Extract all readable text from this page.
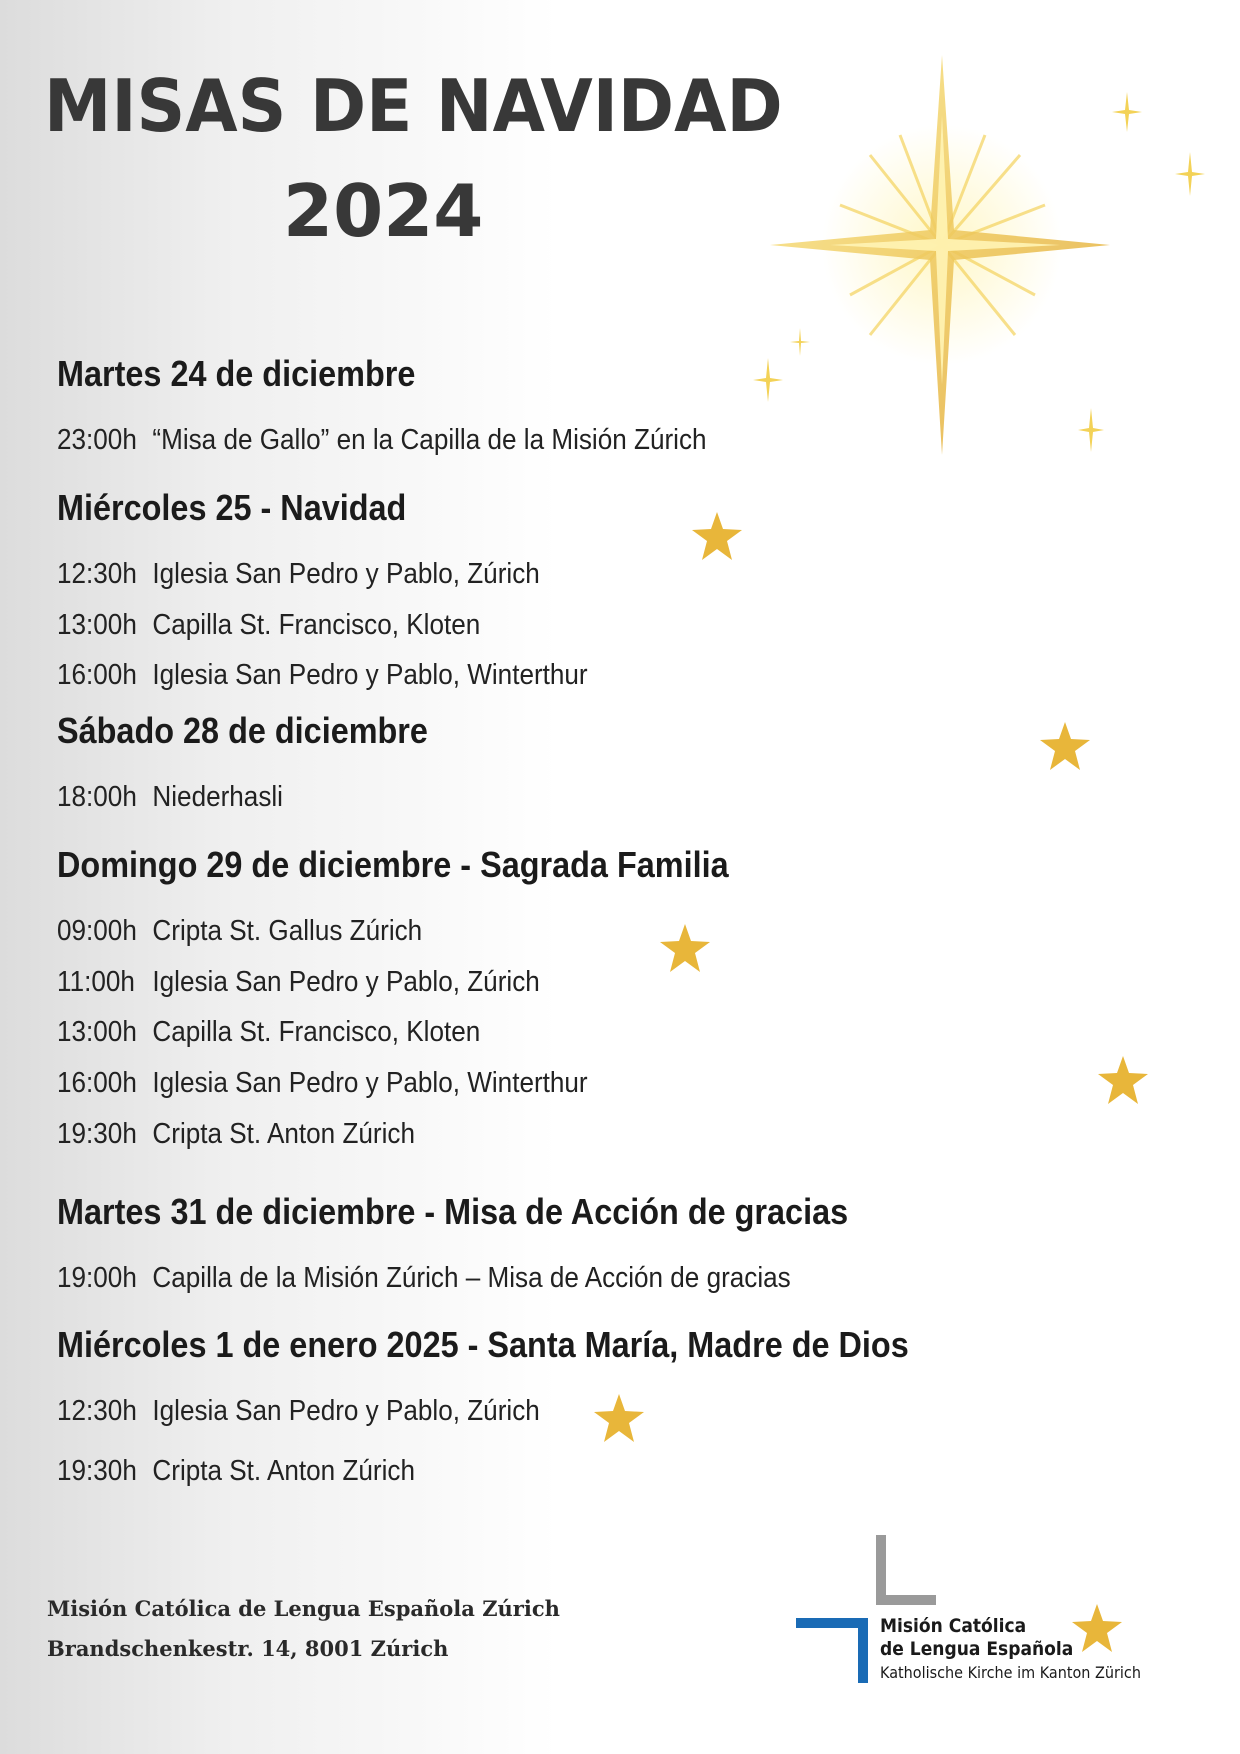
MISAS DE NAVIDAD
2024
Martes 24 de diciembre
23:00h “Misa de Gallo” en la Capilla de la Misión Zúrich
Miércoles 25 - Navidad
12:30h Iglesia San Pedro y Pablo, Zúrich
13:00h Capilla St. Francisco, Kloten
16:00h Iglesia San Pedro y Pablo, Winterthur
Sábado 28 de diciembre
18:00h Niederhasli
Domingo 29 de diciembre - Sagrada Familia
09:00h Cripta St. Gallus Zúrich
11:00h Iglesia San Pedro y Pablo, Zúrich
13:00h Capilla St. Francisco, Kloten
16:00h Iglesia San Pedro y Pablo, Winterthur
19:30h Cripta St. Anton Zúrich
Martes 31 de diciembre - Misa de Acción de gracias
19:00h Capilla de la Misión Zúrich – Misa de Acción de gracias
Miércoles 1 de enero 2025 - Santa María, Madre de Dios
12:30h Iglesia San Pedro y Pablo, Zúrich
19:30h Cripta St. Anton Zúrich
Misión Católica de Lengua Española Zúrich
Brandschenkestr. 14, 8001 Zúrich
Misión Católica
de Lengua Española
Katholische Kirche im Kanton Zürich
